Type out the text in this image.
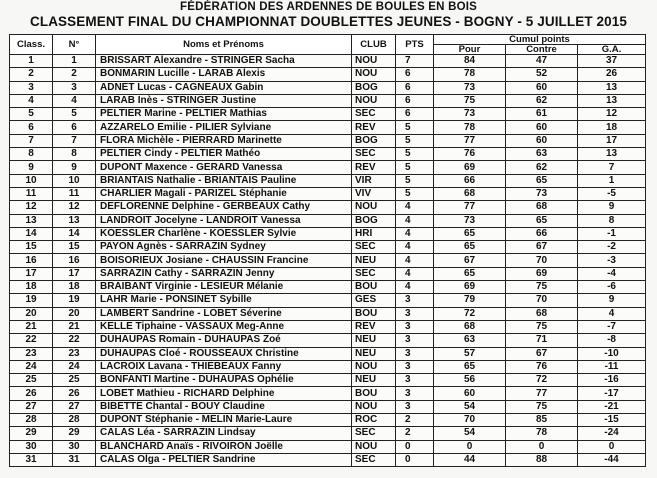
FÉDÉRATION DES ARDENNES DE BOULES EN BOIS
CLASSEMENT FINAL DU CHAMPIONNAT DOUBLETTES JEUNES - BOGNY - 5 JUILLET 2015
Class.	N°	Noms et Prénoms	CLUB	PTS	Cumul points		
					Pour	Contre	G.A.
1	1	BRISSART Alexandre - STRINGER Sacha	NOU	7	84	47	37
2	2	BONMARIN Lucille - LARAB Alexis	NOU	6	78	52	26
3	3	ADNET Lucas - CAGNEAUX Gabin	BOG	6	73	60	13
4	4	LARAB Inès - STRINGER Justine	NOU	6	75	62	13
5	5	PELTIER Marine - PELTIER Mathias	SEC	6	73	61	12
6	6	AZZARELO Emilie - PILIER Sylviane	REV	5	78	60	18
7	7	FLORA Michèle - PIERRARD Marinette	BOG	5	77	60	17
8	8	PELTIER Cindy - PELTIER Mathéo	SEC	5	76	63	13
9	9	DUPONT Maxence - GERARD Vanessa	REV	5	69	62	7
10	10	BRIANTAIS Nathalie - BRIANTAIS Pauline	VIR	5	66	65	1
11	11	CHARLIER Magali - PARIZEL Stéphanie	VIV	5	68	73	-5
12	12	DEFLORENNE Delphine - GERBEAUX Cathy	NOU	4	77	68	9
13	13	LANDROIT Jocelyne - LANDROIT Vanessa	BOG	4	73	65	8
14	14	KOESSLER Charlène - KOESSLER Sylvie	HRI	4	65	66	-1
15	15	PAYON Agnès - SARRAZIN Sydney	SEC	4	65	67	-2
16	16	BOISORIEUX Josiane - CHAUSSIN Francine	NEU	4	67	70	-3
17	17	SARRAZIN Cathy - SARRAZIN Jenny	SEC	4	65	69	-4
18	18	BRAIBANT Virginie - LESIEUR Mélanie	BOU	4	69	75	-6
19	19	LAHR Marie - PONSINET Sybille	GES	3	79	70	9
20	20	LAMBERT Sandrine - LOBET Séverine	BOU	3	72	68	4
21	21	KELLE Tiphaine - VASSAUX Meg-Anne	REV	3	68	75	-7
22	22	DUHAUPAS Romain - DUHAUPAS Zoé	NEU	3	63	71	-8
23	23	DUHAUPAS Cloé - ROUSSEAUX Christine	NEU	3	57	67	-10
24	24	LACROIX Lavana - THIEBEAUX Fanny	NOU	3	65	76	-11
25	25	BONFANTI Martine - DUHAUPAS Ophélie	NEU	3	56	72	-16
26	26	LOBET Mathieu - RICHARD Delphine	BOU	3	60	77	-17
27	27	BIBETTE Chantal - BOUY Claudine	NOU	3	54	75	-21
28	28	DUPONT Stéphanie - MELIN Marie-Laure	ROC	2	70	85	-15
29	29	CALAS Léa - SARRAZIN Lindsay	SEC	2	54	78	-24
30	30	BLANCHARD Anaïs - RIVOIRON Joëlle	NOU	0	0	0	0
31	31	CALAS Olga - PELTIER Sandrine	SEC	0	44	88	-44
